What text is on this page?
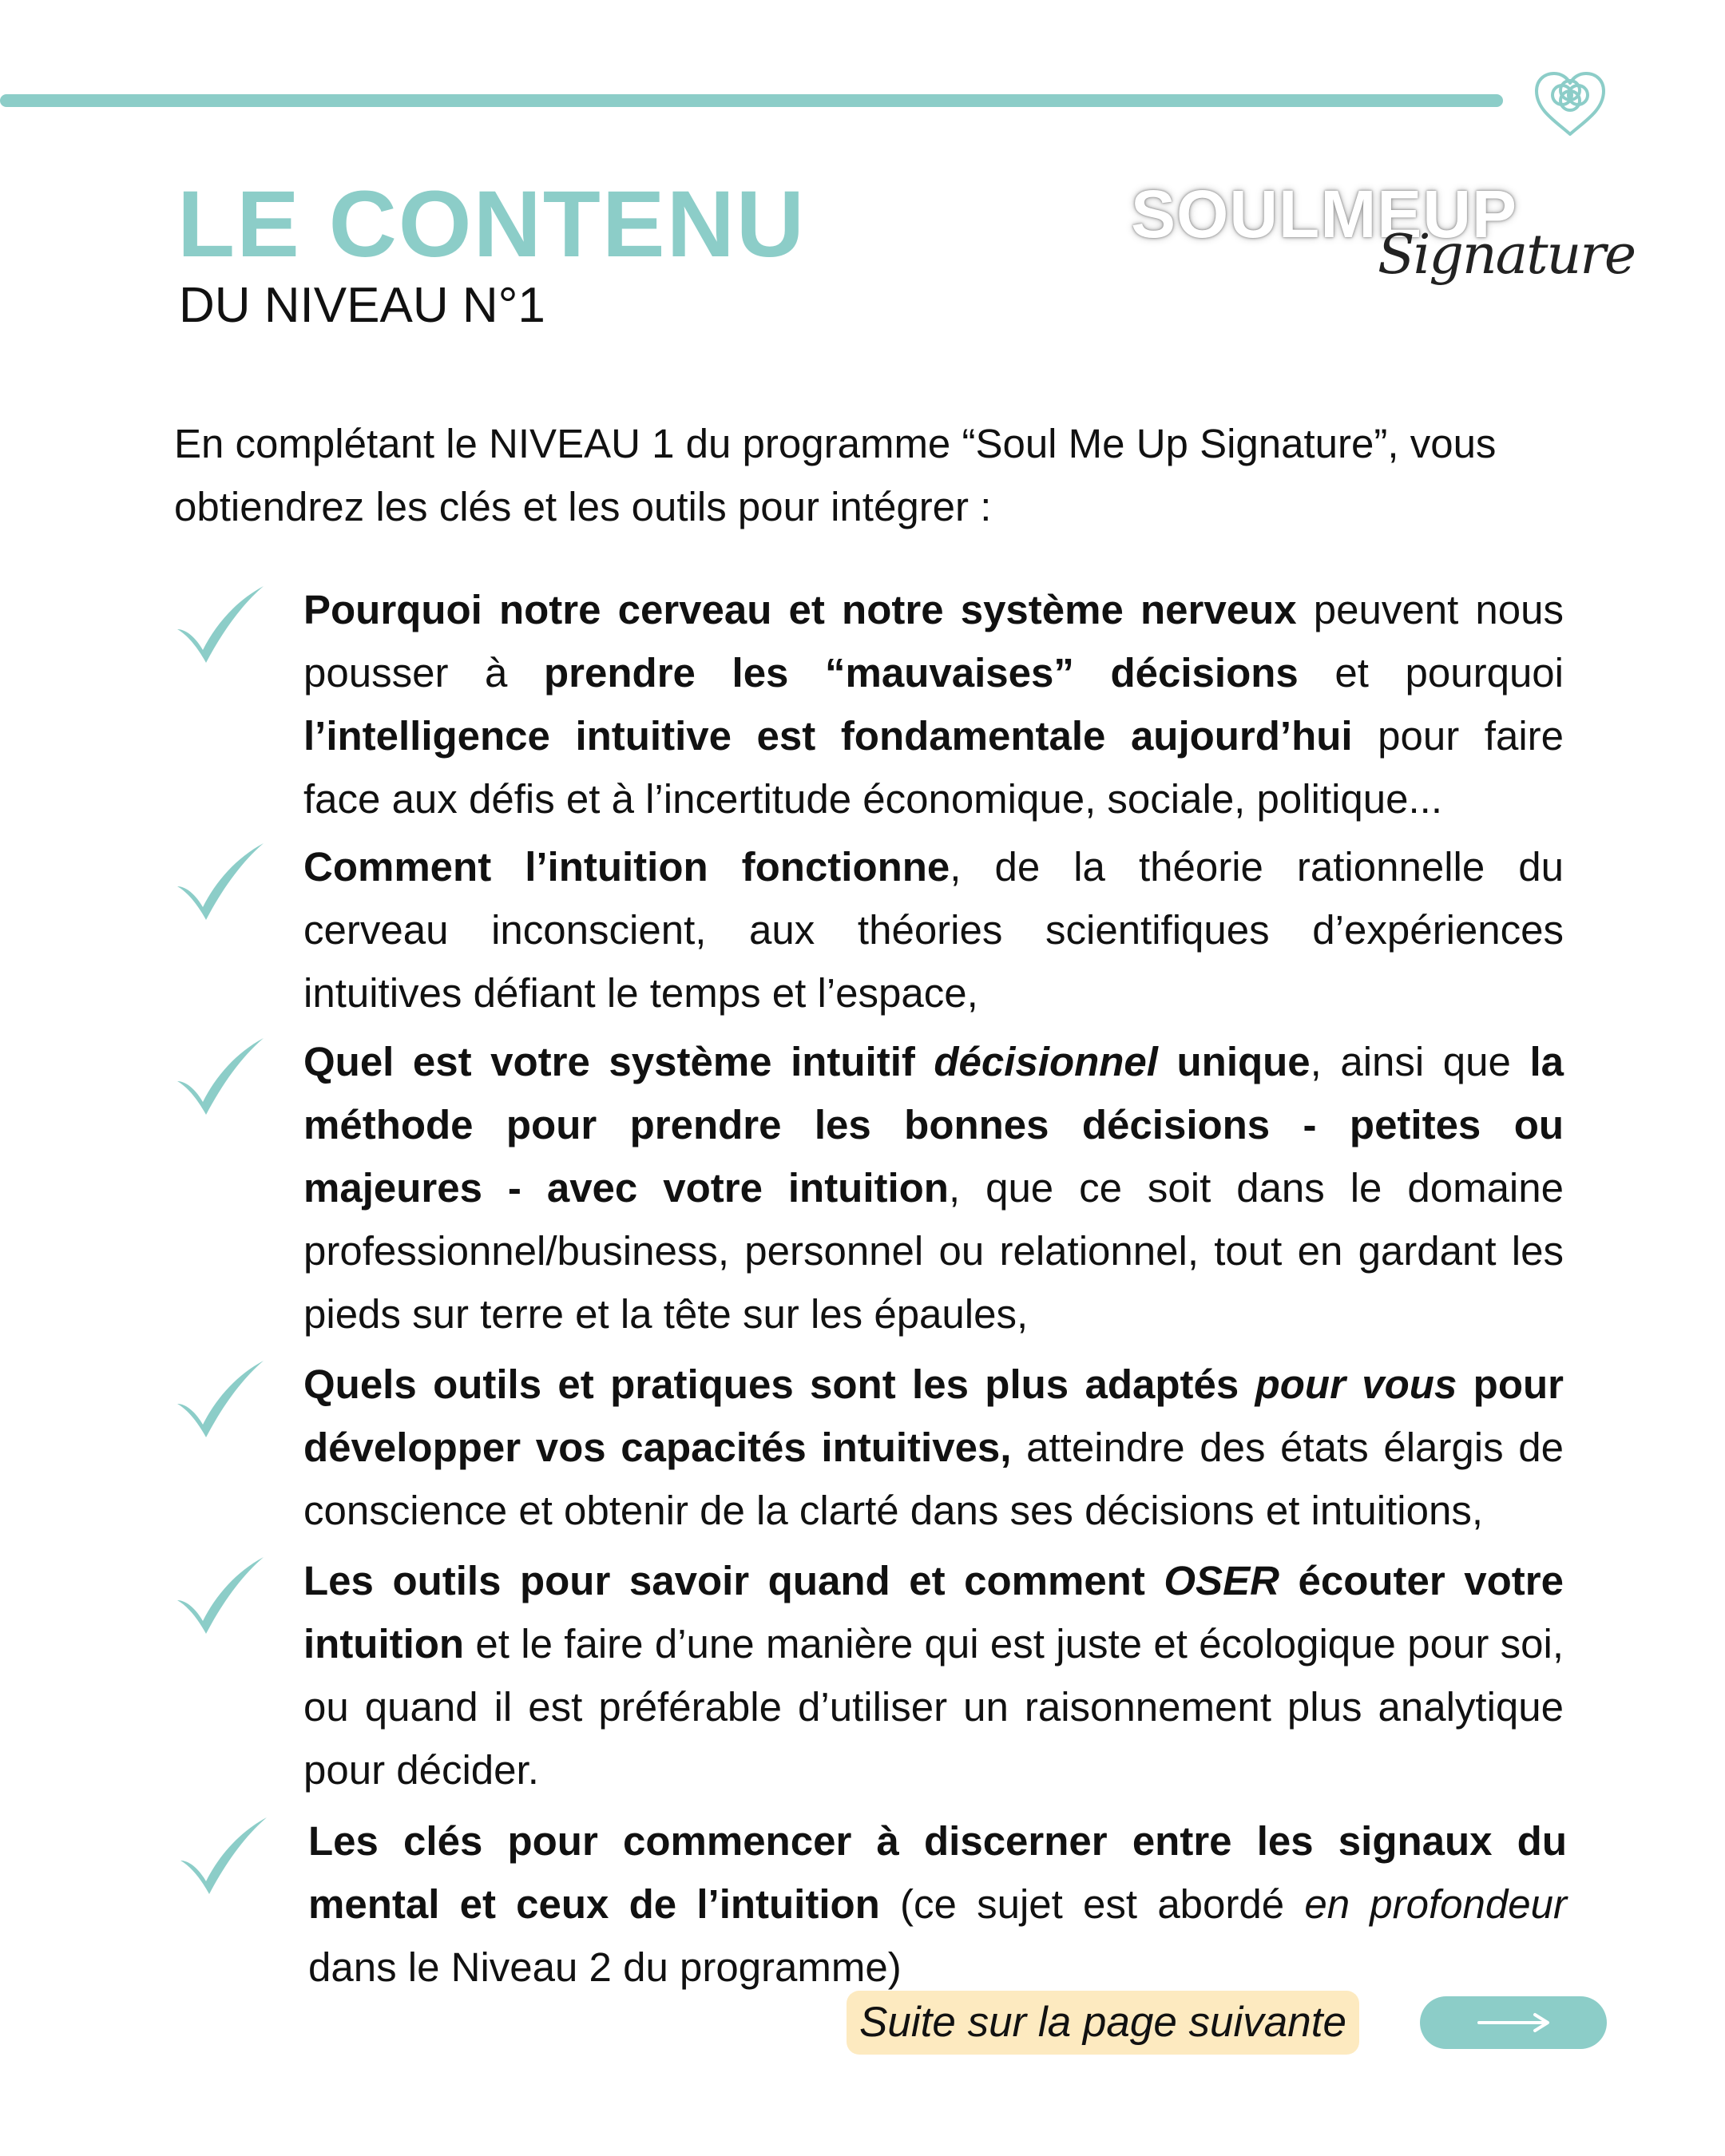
LE CONTENU
DU NIVEAU N°1
SOULMEUP
Signature

En complétant le NIVEAU 1 du programme “Soul Me Up Signature”, vous obtiendrez les clés et les outils pour intégrer :

Pourquoi notre cerveau et notre système nerveux peuvent nous pousser à prendre les “mauvaises” décisions et pourquoi l’intelligence intuitive est fondamentale aujourd’hui pour faire face aux défis et à l’incertitude économique, sociale, politique...

Comment l’intuition fonctionne, de la théorie rationnelle du cerveau inconscient, aux théories scientifiques d’expériences intuitives défiant le temps et l’espace,

Quel est votre système intuitif décisionnel unique, ainsi que la méthode pour prendre les bonnes décisions - petites ou majeures - avec votre intuition, que ce soit dans le domaine professionnel/business, personnel ou relationnel, tout en gardant les pieds sur terre et la tête sur les épaules,

Quels outils et pratiques sont les plus adaptés pour vous pour développer vos capacités intuitives, atteindre des états élargis de conscience et obtenir de la clarté dans ses décisions et intuitions,

Les outils pour savoir quand et comment OSER écouter votre intuition et le faire d’une manière qui est juste et écologique pour soi, ou quand il est préférable d’utiliser un raisonnement plus analytique pour décider.

Les clés pour commencer à discerner entre les signaux du mental et ceux de l’intuition (ce sujet est abordé en profondeur dans le Niveau 2 du programme)

Suite sur la page suivante
